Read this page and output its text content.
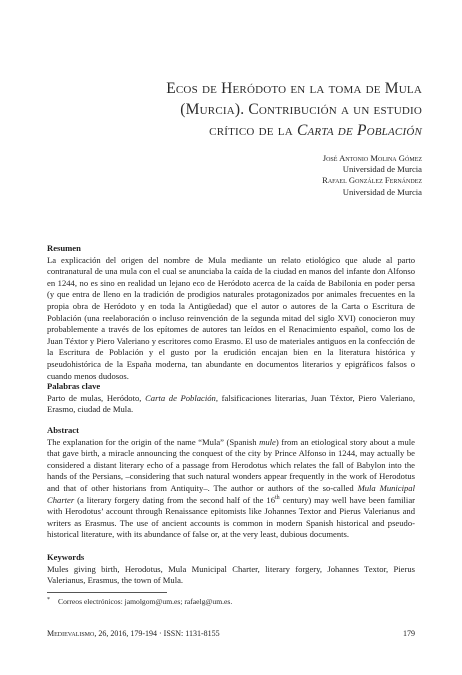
Ecos de Heródoto en la toma de Mula
(Murcia). Contribución a un estudio
crítico de la Carta de Población
José Antonio Molina Gómez
Universidad de Murcia
Rafael González Fernández
Universidad de Murcia
Resumen

La explicación del origen del nombre de Mula mediante un relato etiológico que alude al parto contranatural de una mula con el cual se anunciaba la caída de la ciudad en manos del infante don Alfonso en 1244, no es sino en realidad un lejano eco de Heródoto acerca de la caída de Babilonia en poder persa (y que entra de lleno en la tradición de prodigios naturales protagonizados por animales frecuentes en la propia obra de Heródoto y en toda la Antigüedad) que el autor o autores de la Carta o Escritura de Población (una reelaboración o incluso reinvención de la segunda mitad del siglo XVI) conocieron muy probablemente a través de los epítomes de autores tan leídos en el Renacimiento español, como los de Juan Téxtor y Piero Valeriano y escritores como Erasmo. El uso de materiales antiguos en la confección de la Escritura de Población y el gusto por la erudición encajan bien en la literatura histórica y pseudohistórica de la España moderna, tan abundante en documentos literarios y epigráficos falsos o cuando menos dudosos.

Palabras clave

Parto de mulas, Heródoto, Carta de Población, falsificaciones literarias, Juan Téxtor, Piero Valeriano, Erasmo, ciudad de Mula.

Abstract

The explanation for the origin of the name “Mula” (Spanish mule) from an etiological story about a mule that gave birth, a miracle announcing the conquest of the city by Prince Alfonso in 1244, may actually be considered a distant literary echo of a passage from Herodotus which relates the fall of Babylon into the hands of the Persians, –considering that such natural wonders appear frequently in the work of Herodotus and that of other historians from Antiquity–. The author or authors of the so-called Mula Municipal Charter (a literary forgery dating from the second half of the 16th century) may well have been familiar with Herodotus’ account through Renaissance epitomists like Johannes Textor and Pierus Valerianus and writers as Erasmus. The use of ancient accounts is common in modern Spanish historical and pseudo-historical literature, with its abundance of false or, at the very least, dubious documents.

Keywords

Mules giving birth, Herodotus, Mula Municipal Charter, literary forgery, Johannes Textor, Pierus Valerianus, Erasmus, the town of Mula.

* Correos electrónicos: jamolgom@um.es; rafaelg@um.es.
Medievalismo, 26, 2016, 179-194 · ISSN: 1131-8155	179
